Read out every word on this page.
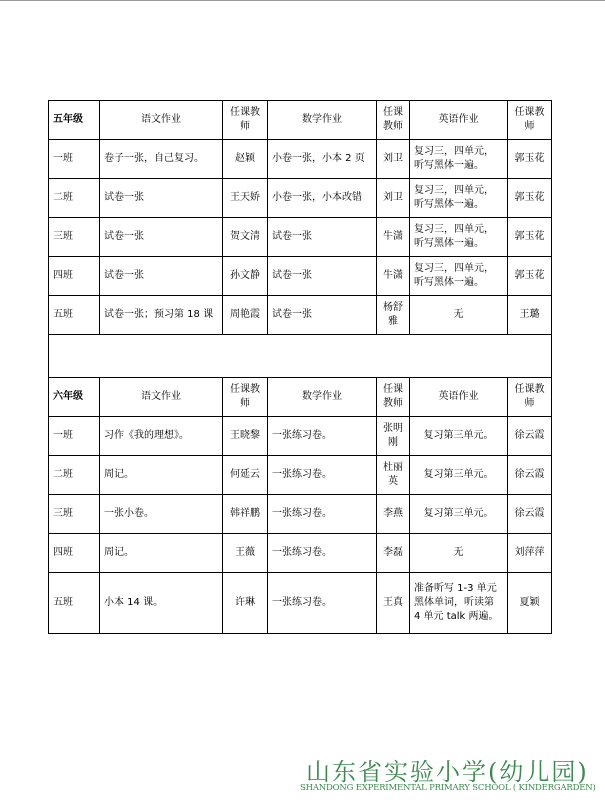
五年级	语文作业	任课教师	数学作业	任课教师	英语作业	任课教师
一班	卷子一张，自己复习。	赵颖	小卷一张，小本 2 页	刘卫	复习三，四单元，听写黑体一遍。	郭玉花
二班	试卷一张	王天娇	小卷一张，小本改错	刘卫	复习三，四单元，听写黑体一遍。	郭玉花
三班	试卷一张	贺文清	试卷一张	牛潇	复习三，四单元，听写黑体一遍。	郭玉花
四班	试卷一张	孙文静	试卷一张	牛潇	复习三，四单元，听写黑体一遍。	郭玉花
五班	试卷一张；预习第 18 课	周艳霞	试卷一张	杨舒雅	无	王璐

六年级	语文作业	任课教师	数学作业	任课教师	英语作业	任课教师
一班	习作《我的理想》。	王晓黎	一张练习卷。	张明刚	复习第三单元。	徐云霞
二班	周记。	何延云	一张练习卷。	杜丽英	复习第三单元。	徐云霞
三班	一张小卷。	韩祥鹏	一张练习卷。	李燕	复习第三单元。	徐云霞
四班	周记。	王薇	一张练习卷。	李磊	无	刘萍萍
五班	小本 14 课。	许琳	一张练习卷。	王真	准备听写 1-3 单元黑体单词，听读第 4 单元 talk 两遍。	夏颖
山东省实验小学(幼儿园)
SHANDONG EXPERIMENTAL PRIMARY SCHOOL ( KINDERGARDEN)
